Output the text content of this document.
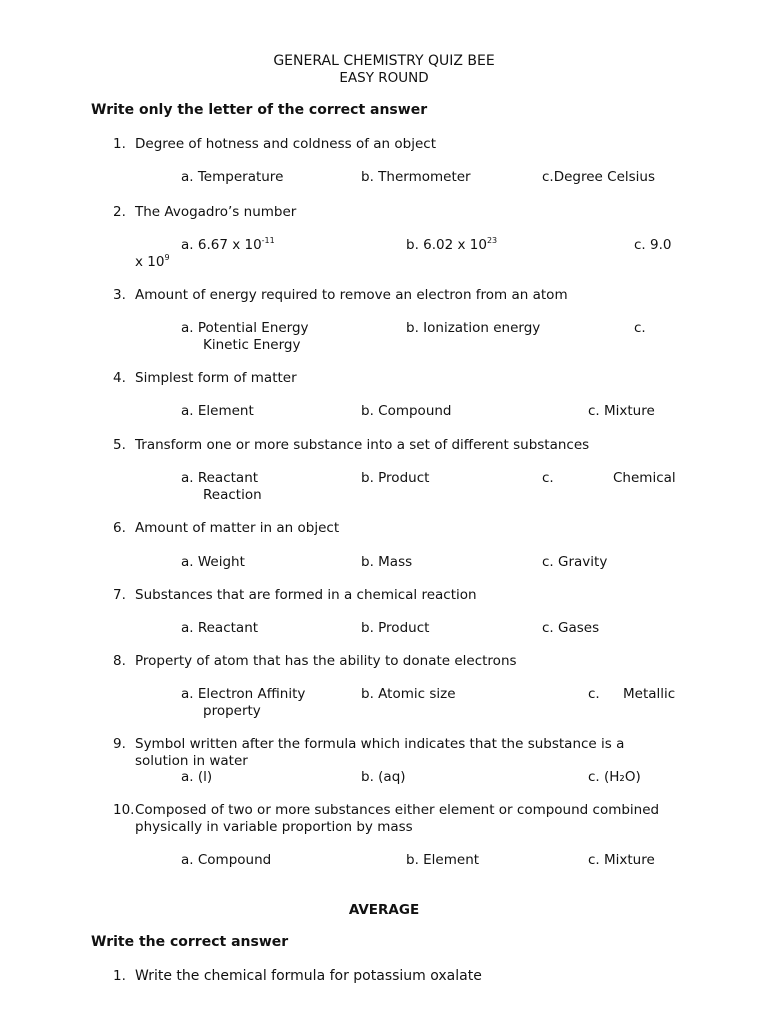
GENERAL CHEMISTRY QUIZ BEE
EASY ROUND
Write only the letter of the correct answer
1. Degree of hotness and coldness of an object
a. Temperature	b. Thermometer	c.Degree Celsius
2. The Avogadro’s number
a. 6.67 x $10^{-11}$	b. 6.02 x $10^{23}$	c. 9.0
x $10^9$
3. Amount of energy required to remove an electron from an atom
a. Potential Energy	b. Ionization energy	c.
Kinetic Energy
4. Simplest form of matter
a. Element	b. Compound	c. Mixture
5. Transform one or more substance into a set of different substances
a. Reactant	b. Product	c.	Chemical
Reaction
6. Amount of matter in an object
a. Weight	b. Mass	c. Gravity
7. Substances that are formed in a chemical reaction
a. Reactant	b. Product	c. Gases
8. Property of atom that has the ability to donate electrons
a. Electron Affinity	b. Atomic size	c. Metallic
property
9. Symbol written after the formula which indicates that the substance is a
solution in water
a. (l)	b. (aq)	c. (H₂O)
10. Composed of two or more substances either element or compound combined
physically in variable proportion by mass
a. Compound	b. Element	c. Mixture
AVERAGE
Write the correct answer
1. Write the chemical formula for potassium oxalate
